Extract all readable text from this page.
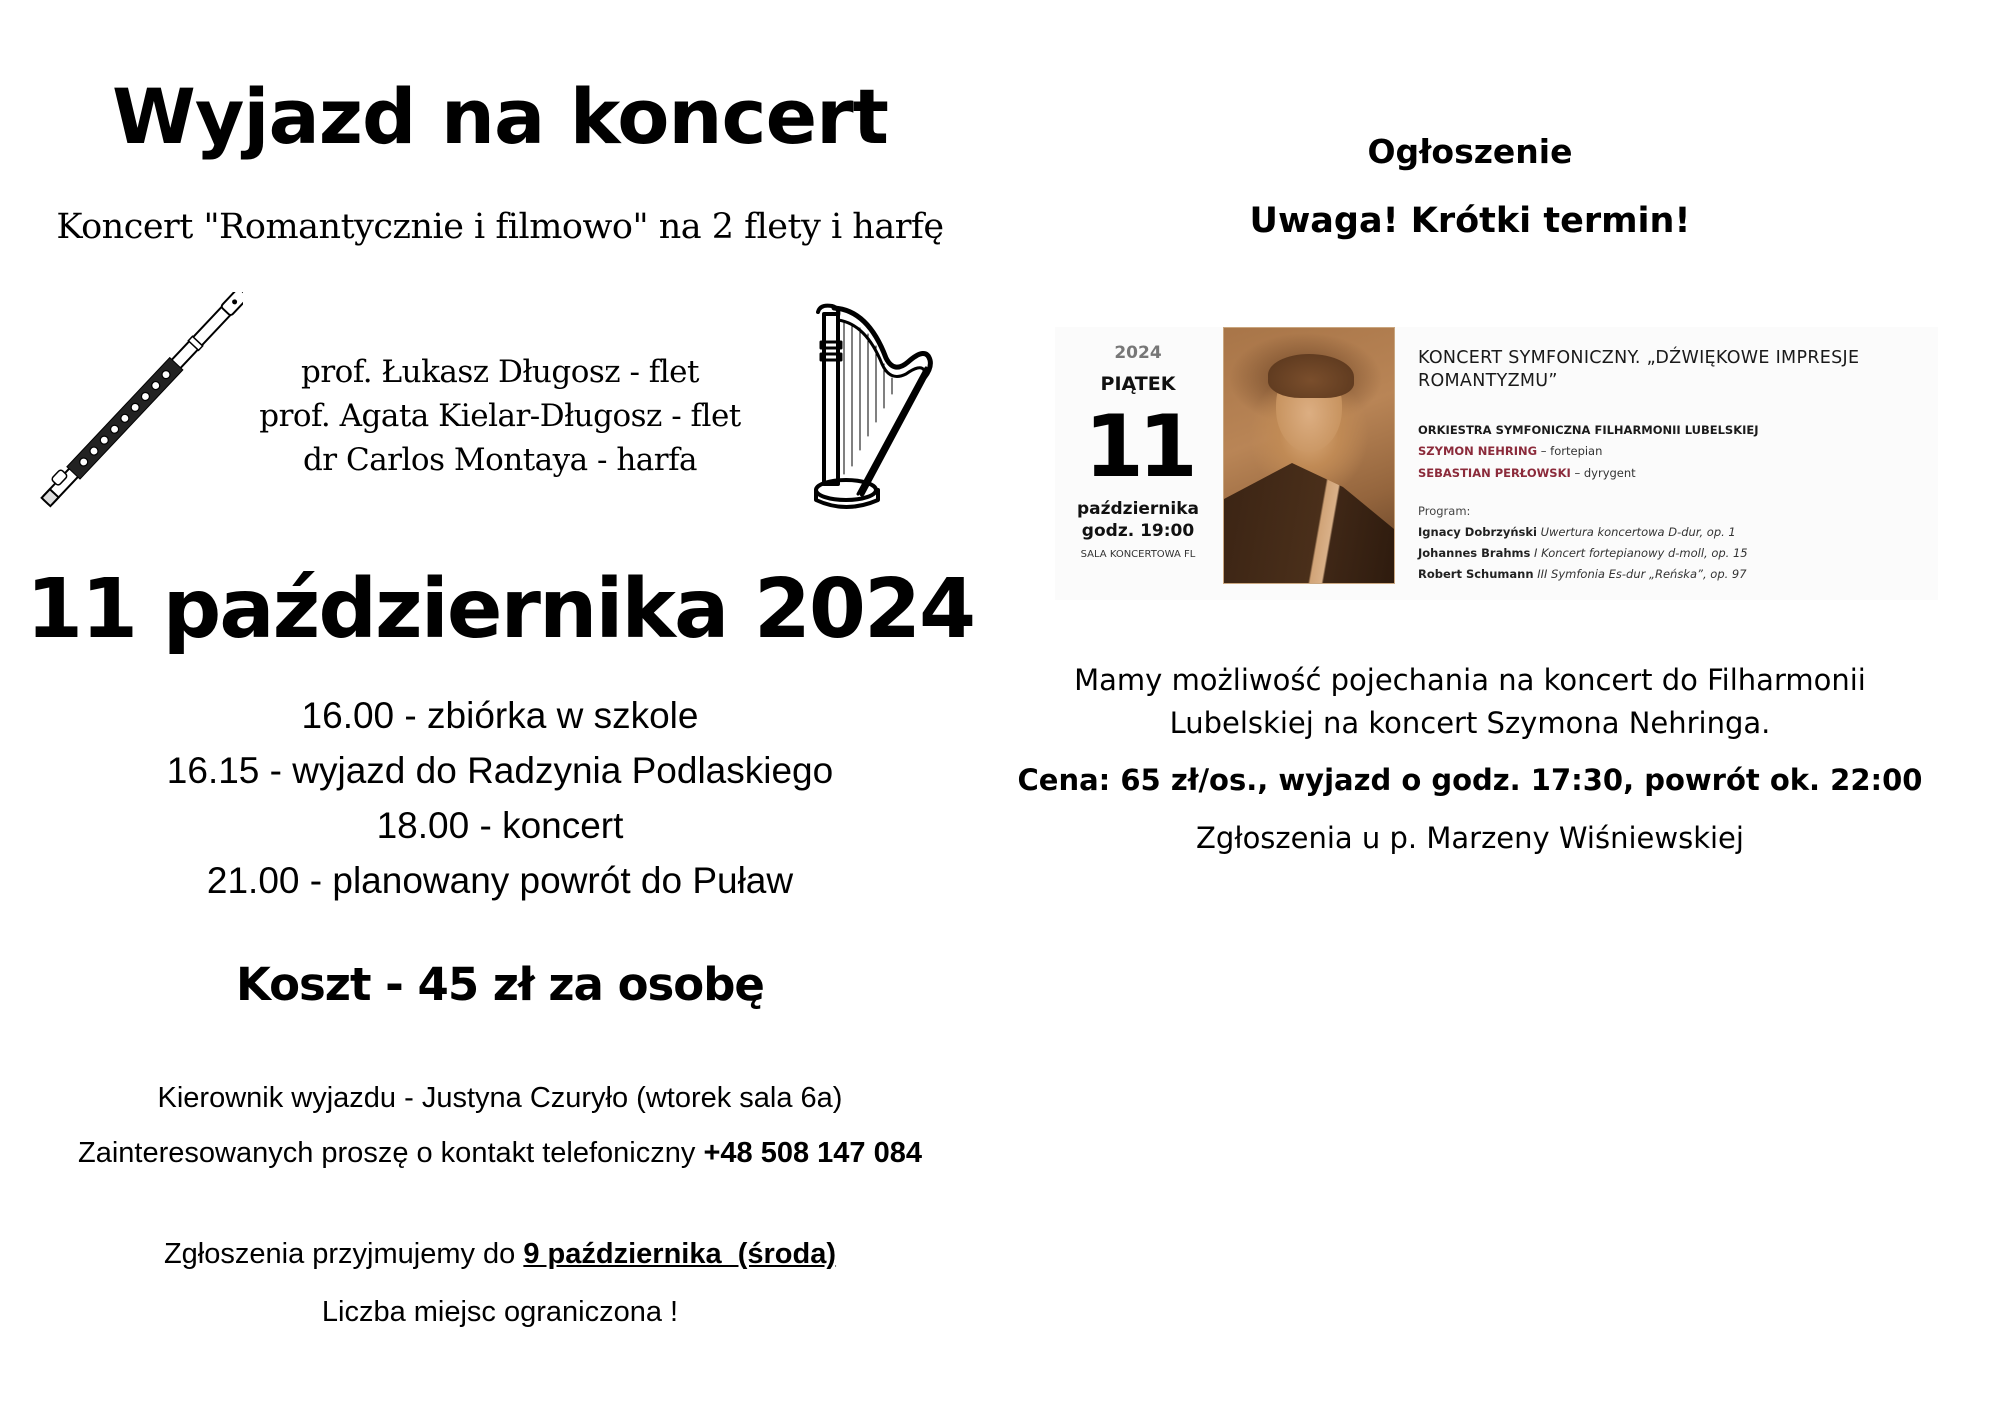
Wyjazd na koncert
Koncert "Romantycznie i filmowo" na 2 flety i harfę
prof. Łukasz Długosz - flet
prof. Agata Kielar-Długosz - flet
dr Carlos Montaya - harfa
11 października 2024
16.00 - zbiórka w szkole
16.15 - wyjazd do Radzynia Podlaskiego
18.00 - koncert
21.00 - planowany powrót do Puław
Koszt - 45 zł za osobę
Kierownik wyjazdu - Justyna Czuryło (wtorek sala 6a)
Zainteresowanych proszę o kontakt telefoniczny +48 508 147 084
Zgłoszenia przyjmujemy do 9 października  (środa)
Liczba miejsc ograniczona !
Ogłoszenie
Uwaga! Krótki termin!
2024
PIĄTEK
11
października
godz. 19:00
SALA KONCERTOWA FL
KONCERT SYMFONICZNY. „DŹWIĘKOWE IMPRESJE ROMANTYZMU”
ORKIESTRA SYMFONICZNA FILHARMONII LUBELSKIEJ
SZYMON NEHRING – fortepian
SEBASTIAN PERŁOWSKI – dyrygent
Program:
Ignacy Dobrzyński Uwertura koncertowa D-dur, op. 1
Johannes Brahms I Koncert fortepianowy d-moll, op. 15
Robert Schumann III Symfonia Es-dur „Reńska”, op. 97
Mamy możliwość pojechania na koncert do Filharmonii
Lubelskiej na koncert Szymona Nehringa.
Cena: 65 zł/os., wyjazd o godz. 17:30, powrót ok. 22:00
Zgłoszenia u p. Marzeny Wiśniewskiej
